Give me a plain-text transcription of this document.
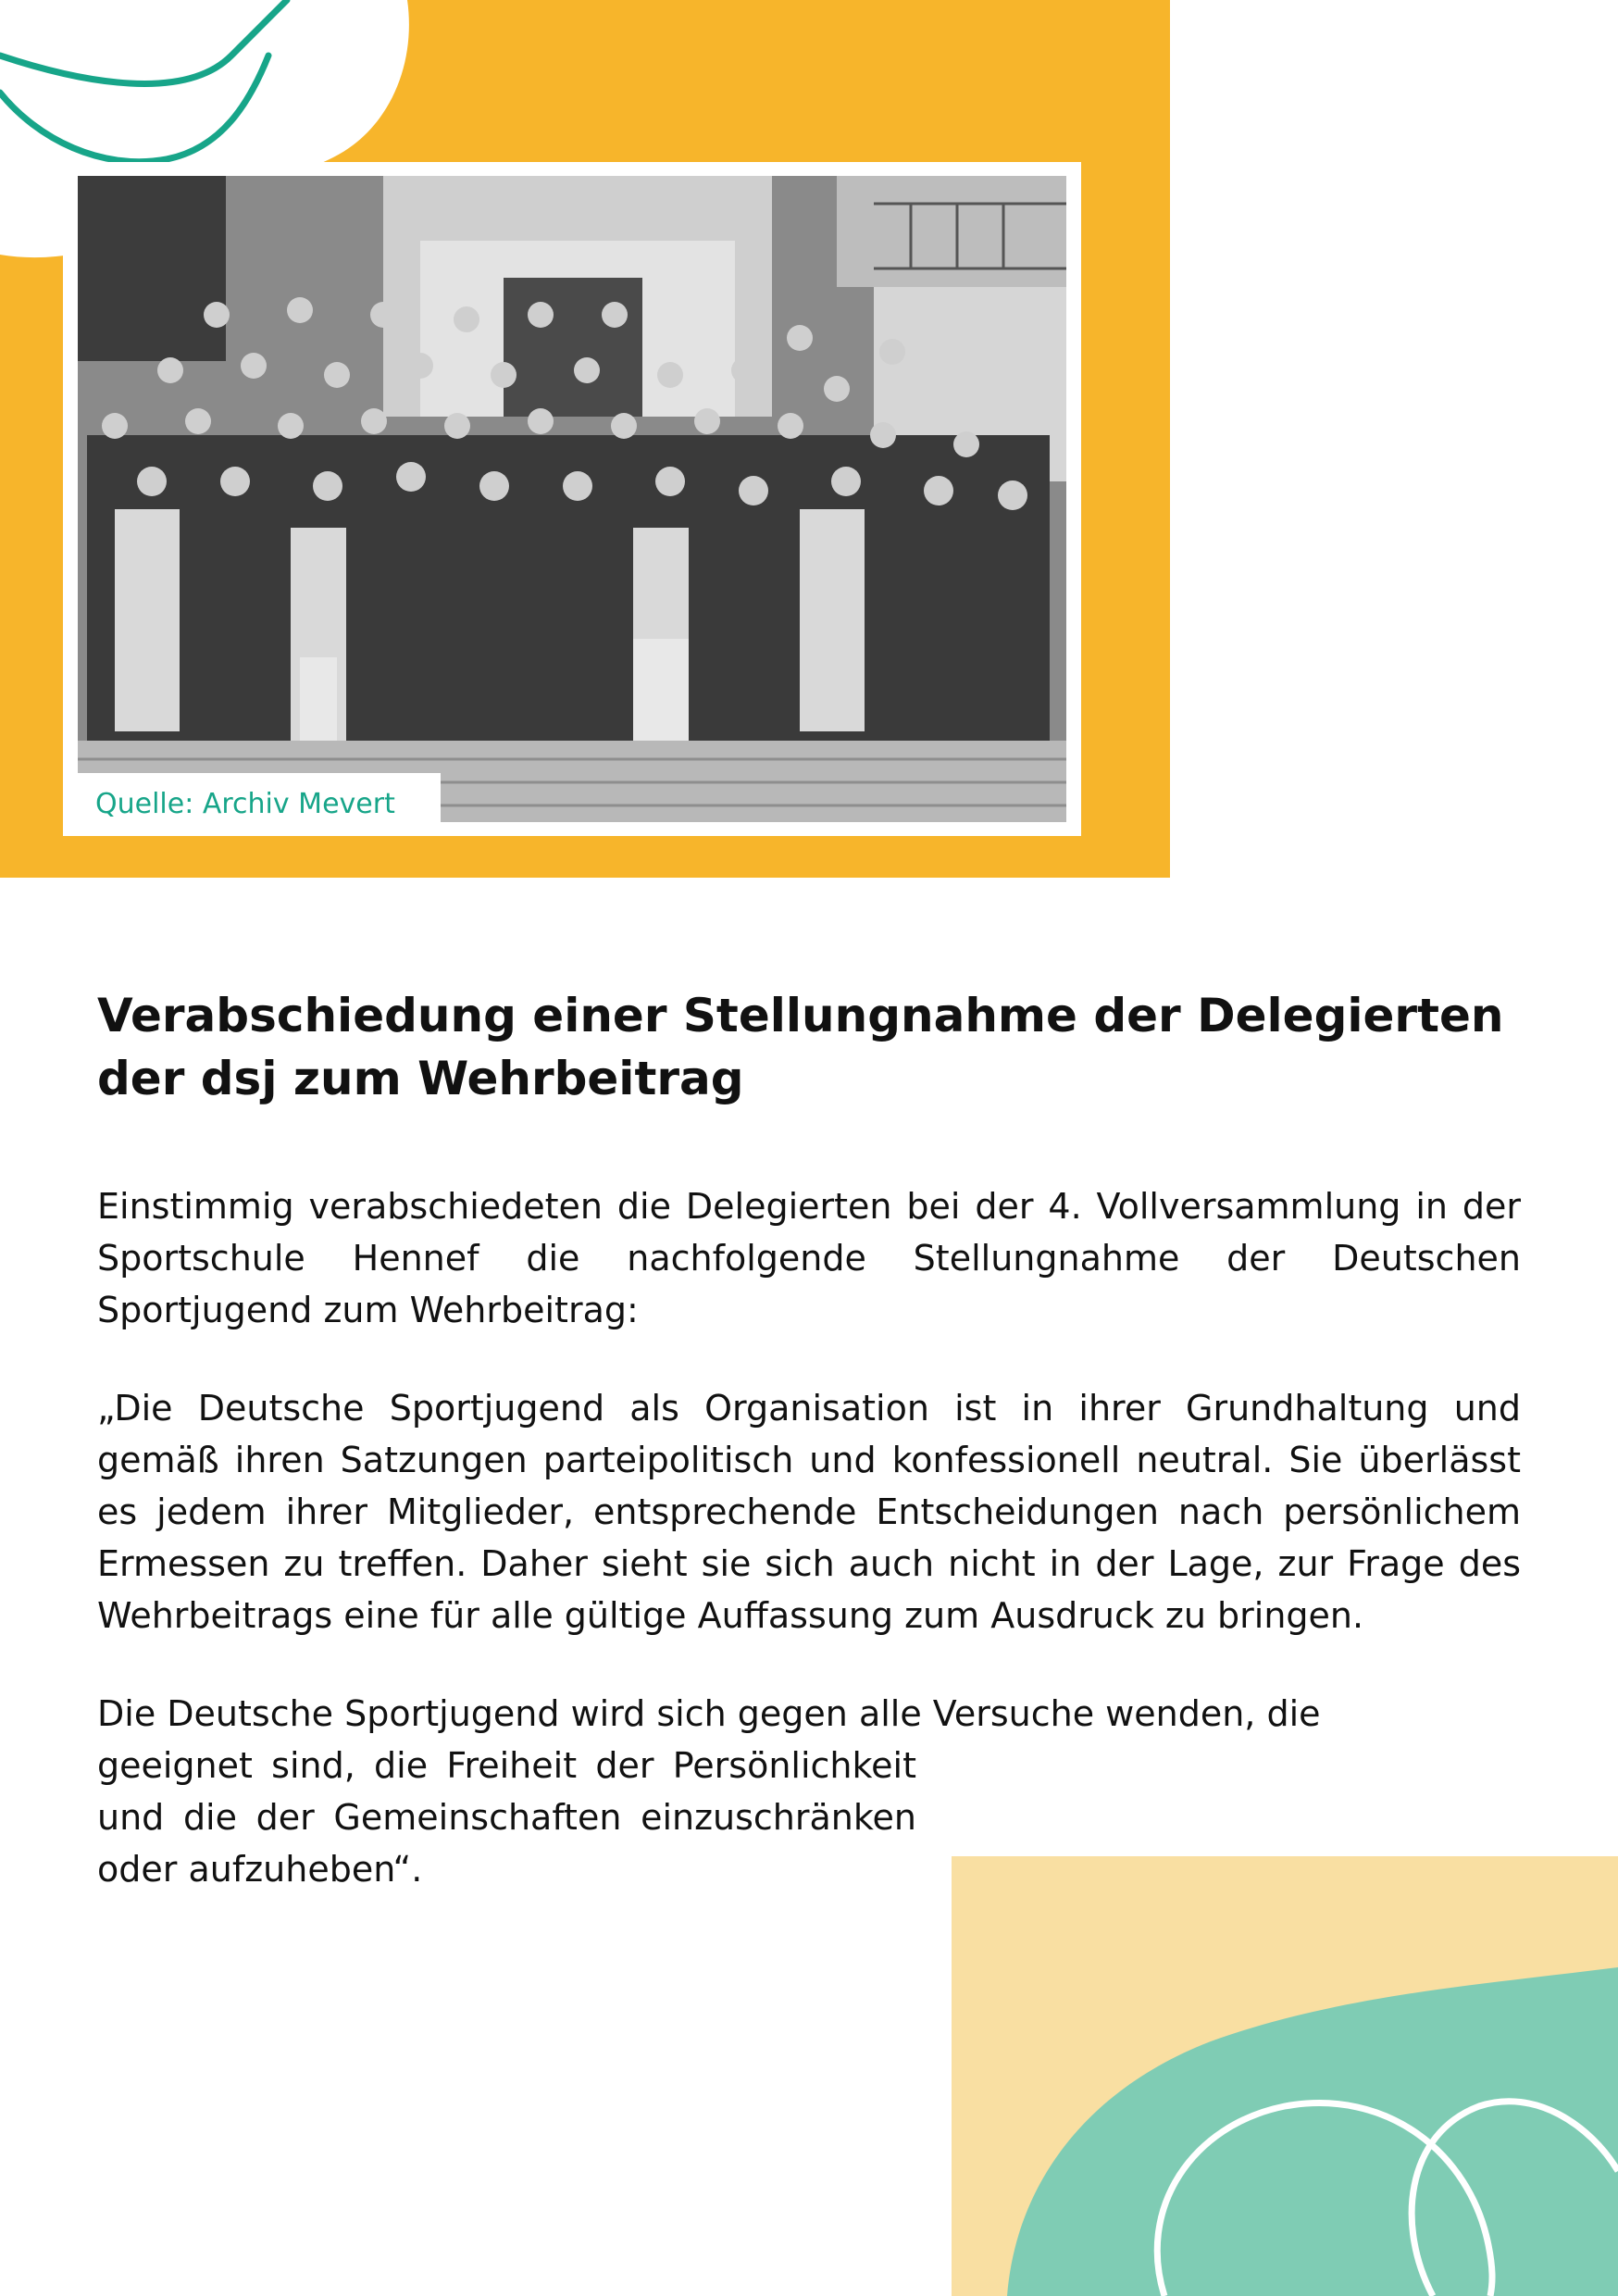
Quelle: Archiv Mevert
Verabschiedung einer Stellungnahme der Delegierten der dsj zum Wehrbeitrag

Einstimmig verabschiedeten die Delegierten bei der 4. Vollversammlung in der Sportschule Hennef die nachfolgende Stellungnahme der Deutschen Sportjugend zum Wehrbeitrag:

„Die Deutsche Sportjugend als Organisation ist in ihrer Grundhaltung und gemäß ihren Satzungen parteipolitisch und konfessionell neutral. Sie überlässt es jedem ihrer Mitglieder, entsprechende Entscheidungen nach persönlichem Ermessen zu treffen. Daher sieht sie sich auch nicht in der Lage, zur Frage des Wehrbeitrags eine für alle gültige Auffassung zum Ausdruck zu bringen.

Die Deutsche Sportjugend wird sich gegen alle Versuche wenden, die

geeignet sind, die Freiheit der Persönlichkeit und die der Gemeinschaften einzuschränken oder aufzuheben“.
